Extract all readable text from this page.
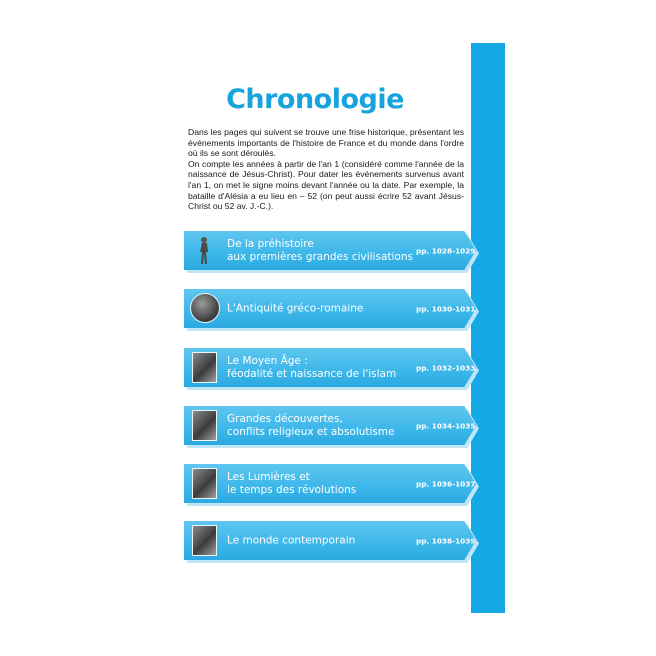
Chronologie

Dans les pages qui suivent se trouve une frise historique, présentant les événements importants de l'histoire de France et du monde dans l'ordre où ils se sont déroulés.

On compte les années à partir de l'an 1 (considéré comme l'année de la naissance de Jésus-Christ). Pour dater les événements survenus avant l'an 1, on met le signe moins devant l'année ou la date. Par exemple, la bataille d'Alésia a eu lieu en – 52 (on peut aussi écrire 52 avant Jésus-Christ ou 52 av. J.-C.).

De la préhistoire
aux premières grandes civilisations pp. 1028-1029
L'Antiquité gréco-romaine	pp. 1030-1031
Le Moyen Âge :
féodalité et naissance de l'islam	pp. 1032-1033
Grandes découvertes,
conflits religieux et absolutisme	pp. 1034-1035
Les Lumières et
le temps des révolutions	pp. 1036-1037
Le monde contemporain	pp. 1038-1039
